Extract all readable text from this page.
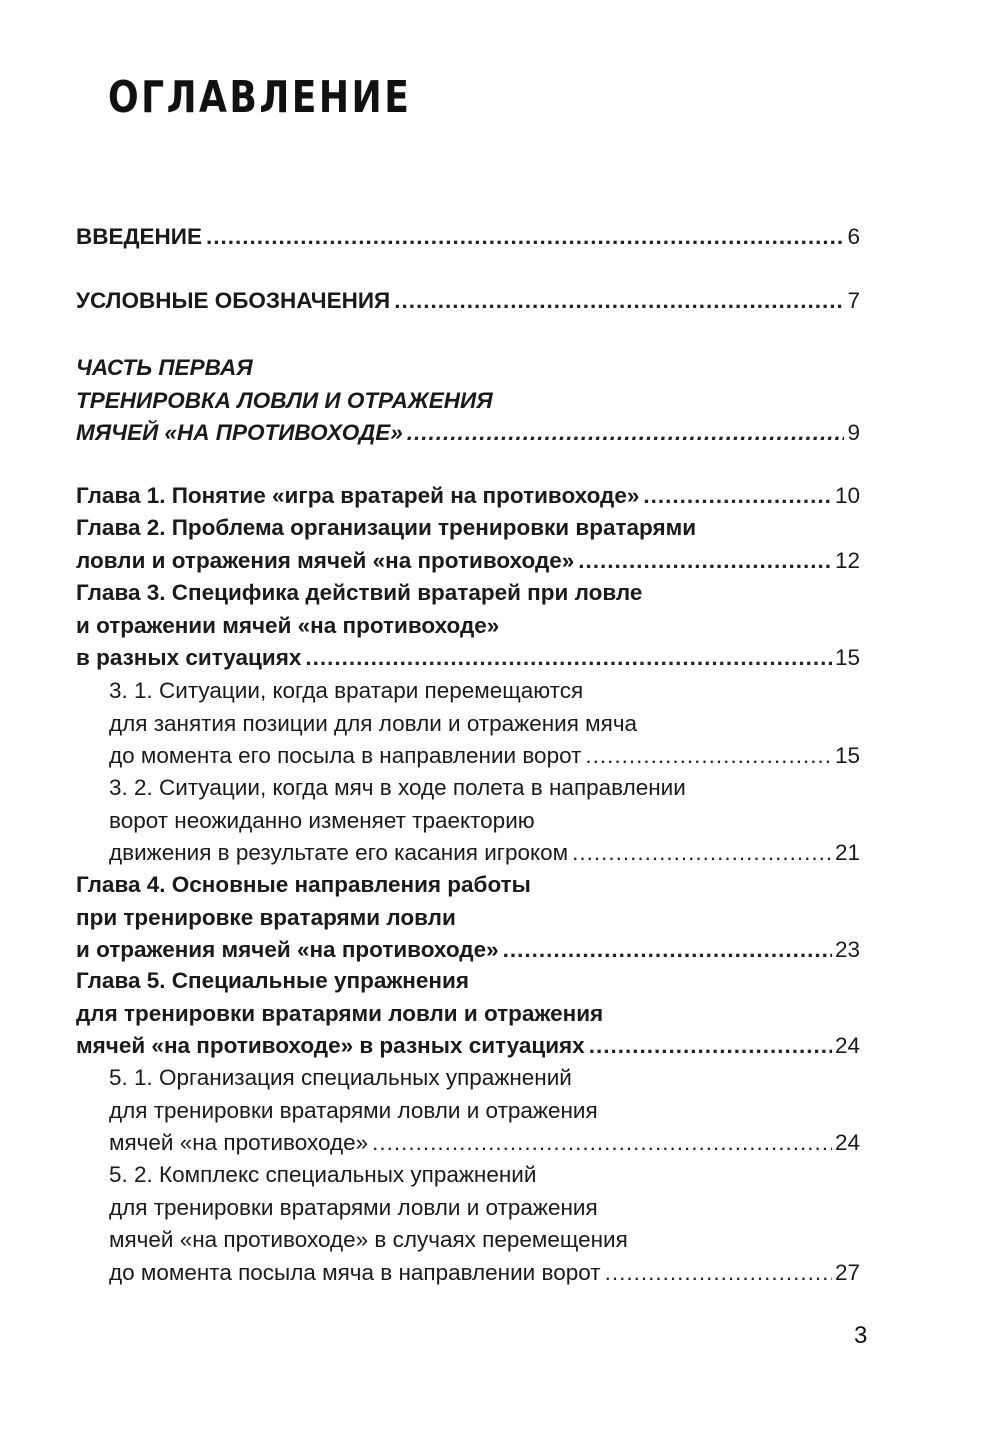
ОГЛАВЛЕНИЕ
ВВЕДЕНИЕ .....	6
УСЛОВНЫЕ ОБОЗНАЧЕНИЯ .....	7
ЧАСТЬ ПЕРВАЯ
ТРЕНИРОВКА ЛОВЛИ И ОТРАЖЕНИЯ
МЯЧЕЙ «НА ПРОТИВОХОДЕ» .....	9
Глава 1. Понятие «игра вратарей на противоходе» .....	10
Глава 2. Проблема организации тренировки вратарями
ловли и отражения мячей «на противоходе» .....	12
Глава 3. Специфика действий вратарей при ловле
и отражении мячей «на противоходе»
в разных ситуациях .....	15
3. 1. Ситуации, когда вратари перемещаются
для занятия позиции для ловли и отражения мяча
до момента его посыла в направлении ворот .....	15
3. 2. Ситуации, когда мяч в ходе полета в направлении
ворот неожиданно изменяет траекторию
движения в результате его касания игроком .....	21
Глава 4. Основные направления работы
при тренировке вратарями ловли
и отражения мячей «на противоходе» .....	23
Глава 5. Специальные упражнения
для тренировки вратарями ловли и отражения
мячей «на противоходе» в разных ситуациях .....	24
5. 1. Организация специальных упражнений
для тренировки вратарями ловли и отражения
мячей «на противоходе» .....	24
5. 2. Комплекс специальных упражнений
для тренировки вратарями ловли и отражения
мячей «на противоходе» в случаях перемещения
до момента посыла мяча в направлении ворот .....	27
3
